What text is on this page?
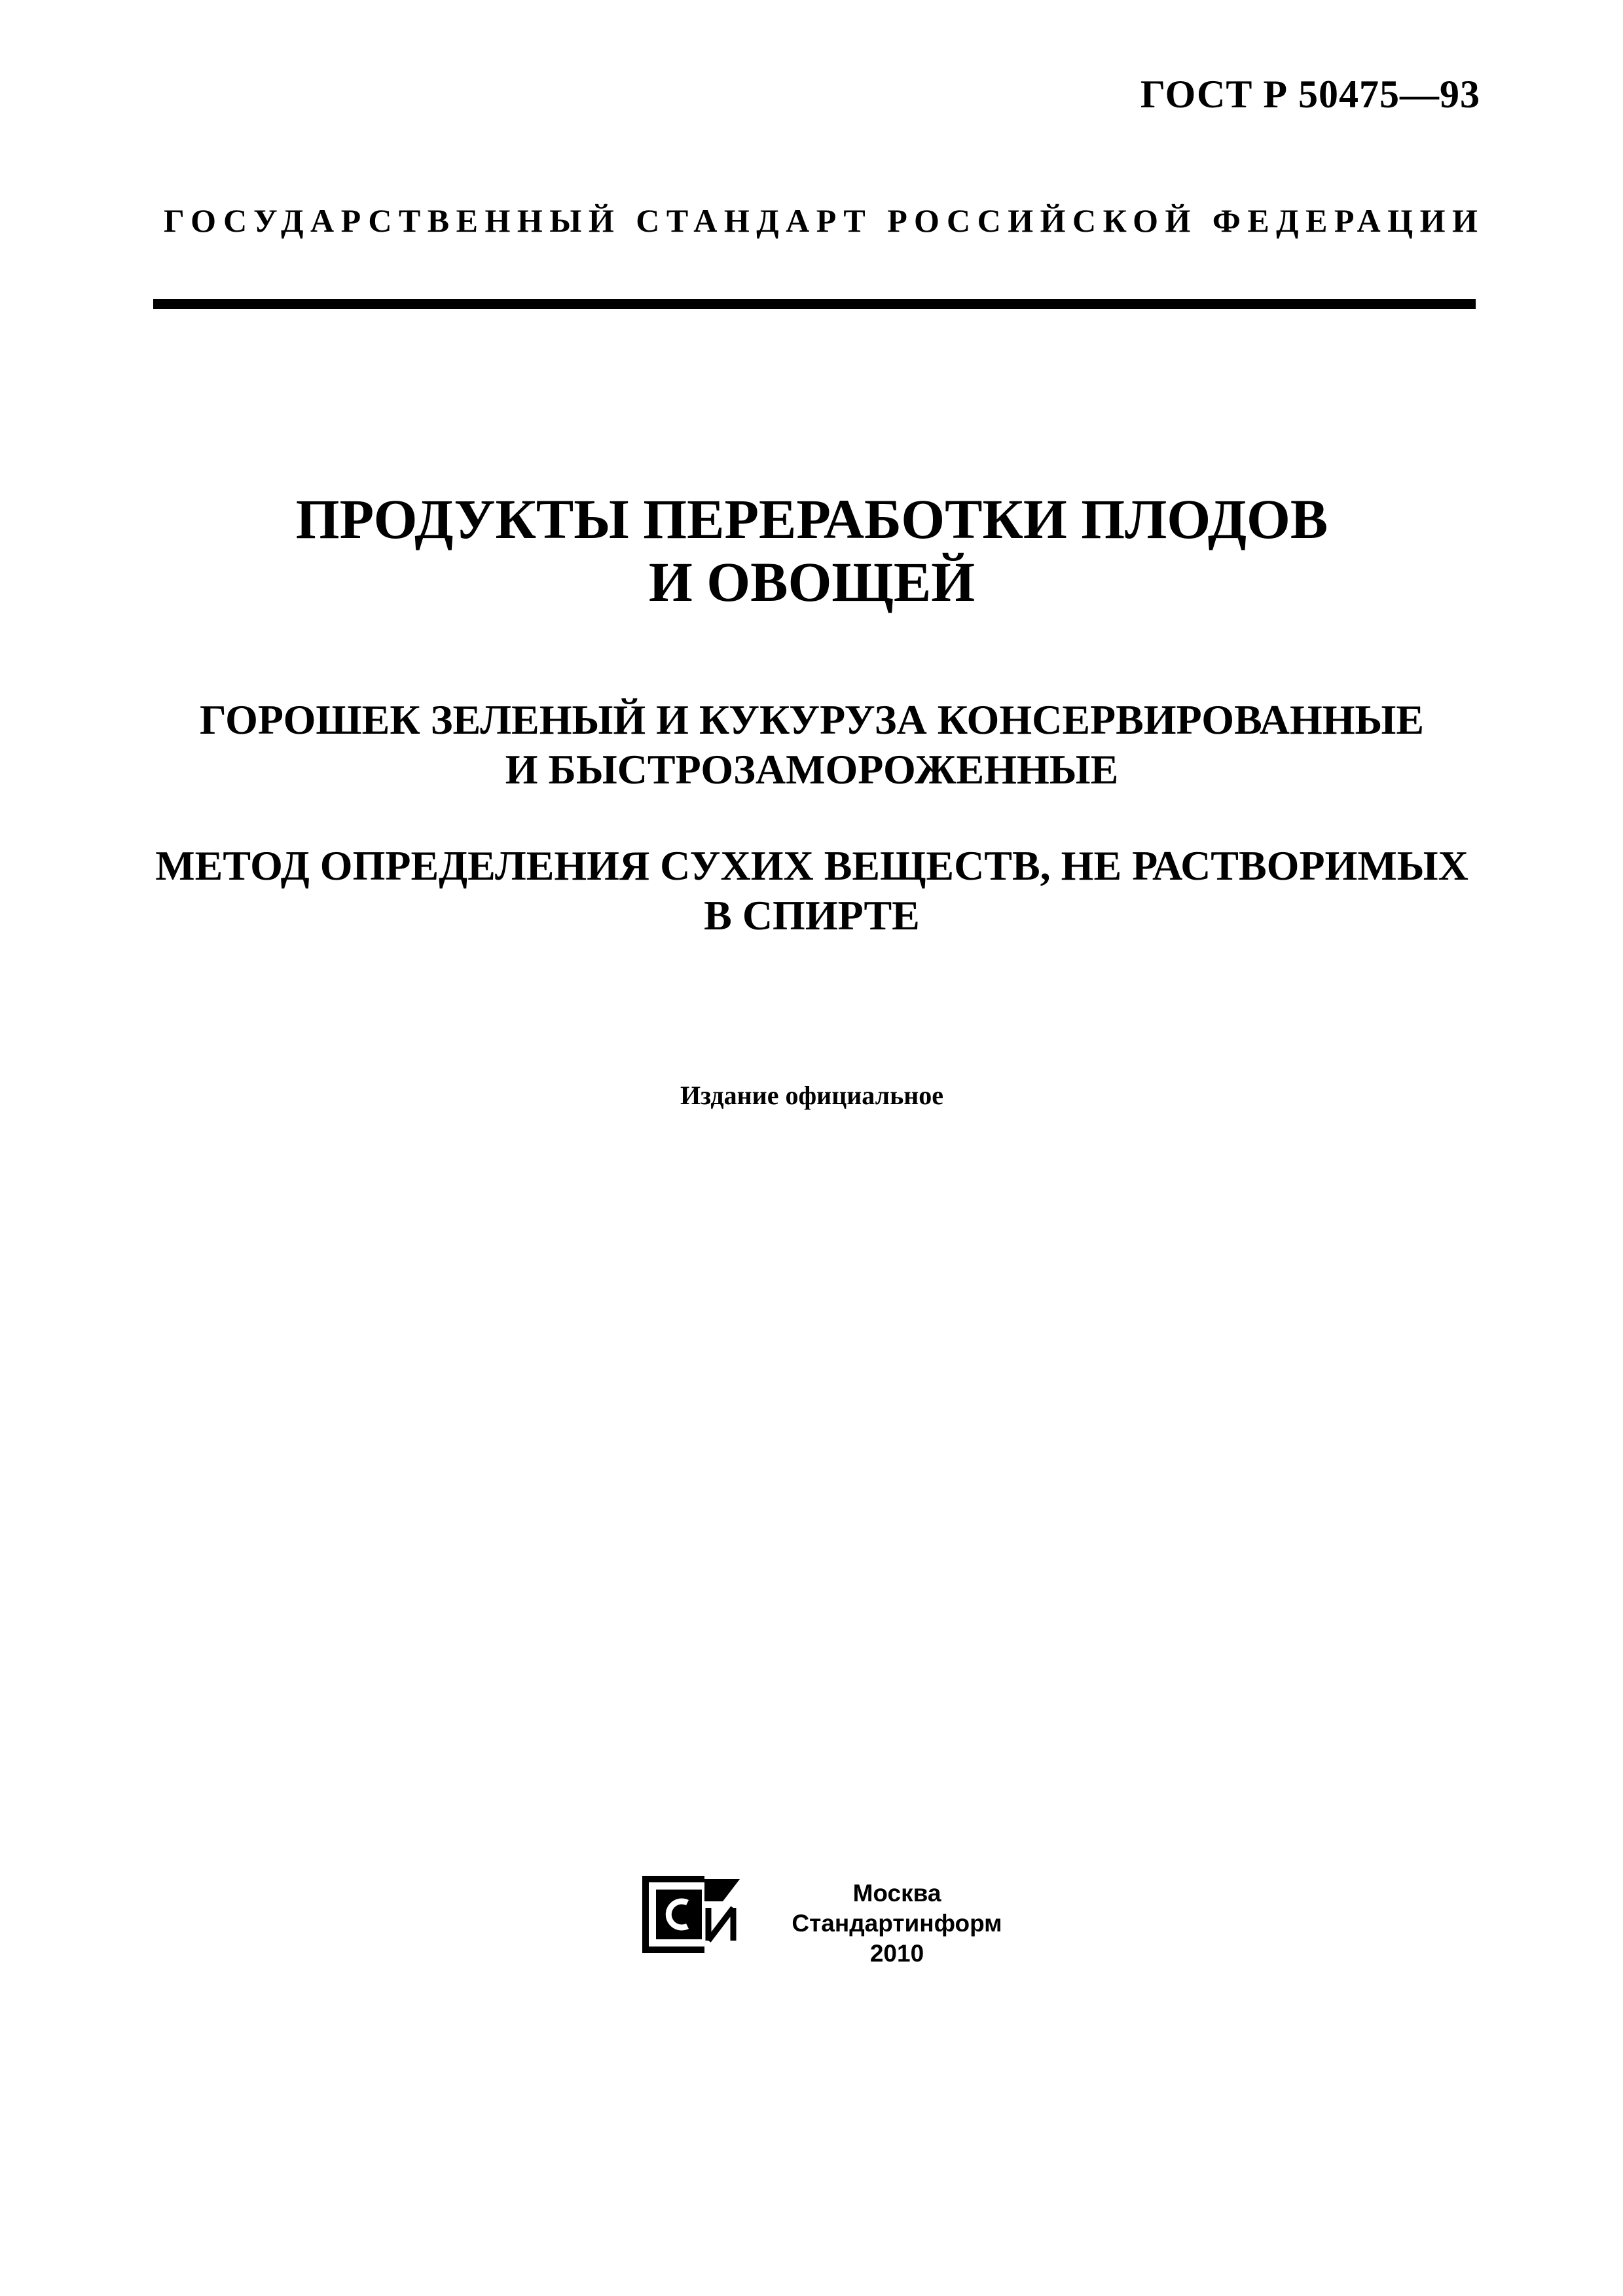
ГОСТ Р 50475—93

ГОСУДАРСТВЕННЫЙ СТАНДАРТ РОССИЙСКОЙ ФЕДЕРАЦИИ

ПРОДУКТЫ ПЕРЕРАБОТКИ ПЛОДОВ
И ОВОЩЕЙ
ГОРОШЕК ЗЕЛЕНЫЙ И КУКУРУЗА КОНСЕРВИРОВАННЫЕ
И БЫСТРОЗАМОРОЖЕННЫЕ
МЕТОД ОПРЕДЕЛЕНИЯ СУХИХ ВЕЩЕСТВ, НЕ РАСТВОРИМЫХ
В СПИРТЕ

Издание официальное

Москва
Стандартинформ
2010
